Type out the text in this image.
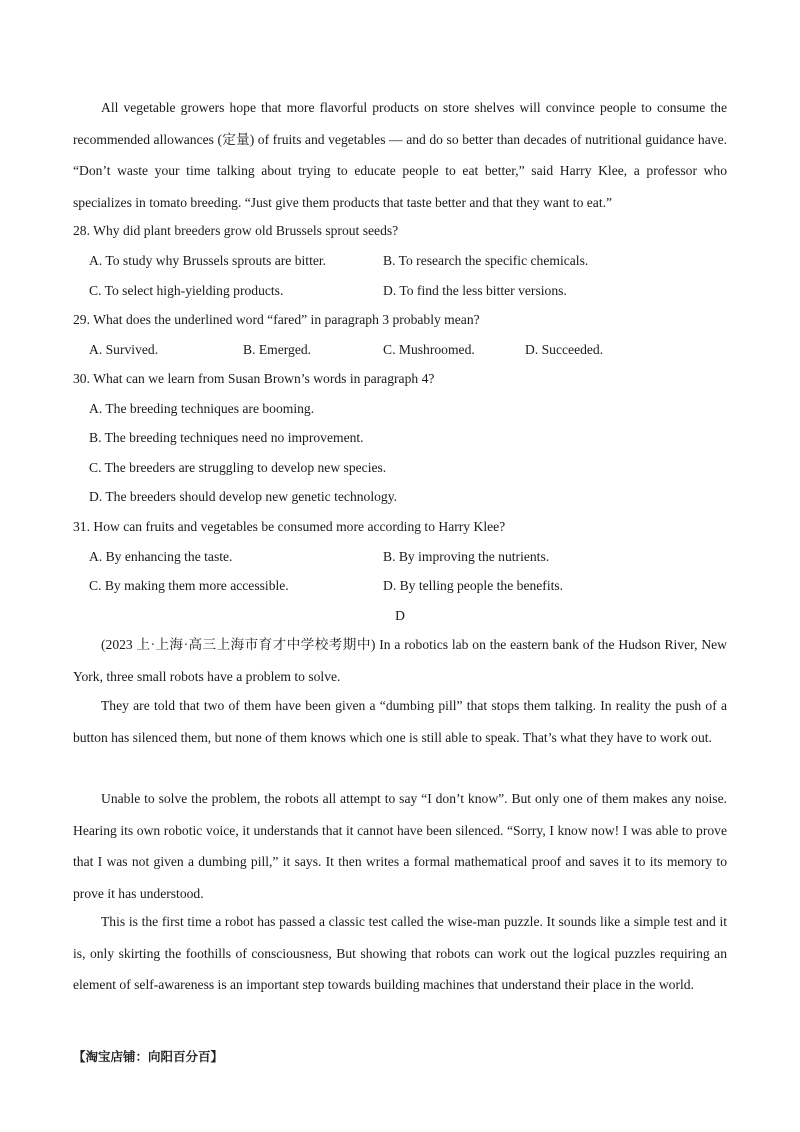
All vegetable growers hope that more flavorful products on store shelves will convince people to consume the recommended allowances (定量) of fruits and vegetables — and do so better than decades of nutritional guidance have. “Don’t waste your time talking about trying to educate people to eat better,” said Harry Klee, a professor who specializes in tomato breeding. “Just give them products that taste better and that they want to eat.”

28. Why did plant breeders grow old Brussels sprout seeds?
A. To study why Brussels sprouts are bitter.	B. To research the specific chemicals.
C. To select high-yielding products.	D. To find the less bitter versions.
29. What does the underlined word “fared” in paragraph 3 probably mean?
A. Survived.	B. Emerged.	C. Mushroomed.	D. Succeeded.
30. What can we learn from Susan Brown’s words in paragraph 4?
A. The breeding techniques are booming.
B. The breeding techniques need no improvement.
C. The breeders are struggling to develop new species.
D. The breeders should develop new genetic technology.
31. How can fruits and vegetables be consumed more according to Harry Klee?
A. By enhancing the taste.	B. By improving the nutrients.
C. By making them more accessible.	D. By telling people the benefits.
D

(2023 上·上海·高三上海市育才中学校考期中) In a robotics lab on the eastern bank of the Hudson River, New York, three small robots have a problem to solve.

They are told that two of them have been given a “dumbing pill” that stops them talking. In reality the push of a button has silenced them, but none of them knows which one is still able to speak. That’s what they have to work out.

Unable to solve the problem, the robots all attempt to say “I don’t know”. But only one of them makes any noise. Hearing its own robotic voice, it understands that it cannot have been silenced. “Sorry, I know now! I was able to prove that I was not given a dumbing pill,” it says. It then writes a formal mathematical proof and saves it to its memory to prove it has understood.

This is the first time a robot has passed a classic test called the wise-man puzzle. It sounds like a simple test and it is, only skirting the foothills of consciousness, But showing that robots can work out the logical puzzles requiring an element of self-awareness is an important step towards building machines that understand their place in the world.

【淘宝店铺：向阳百分百】
